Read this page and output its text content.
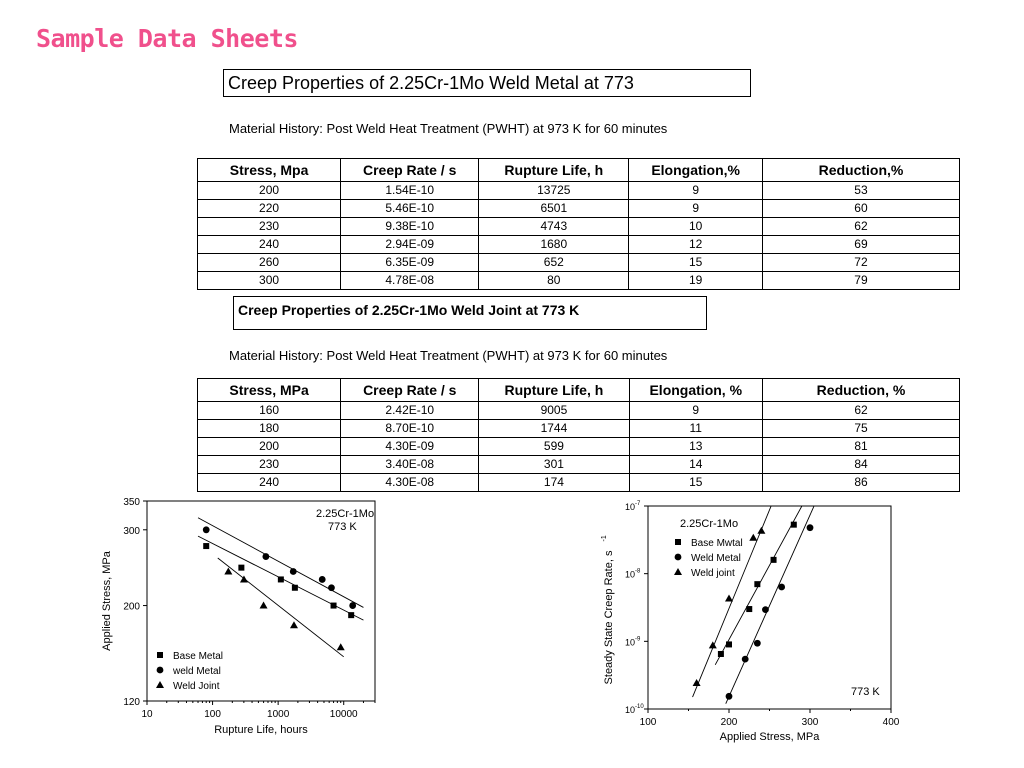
Sample Data Sheets
Creep Properties of 2.25Cr-1Mo Weld Metal at 773
Material History: Post Weld Heat Treatment (PWHT) at 973 K for 60 minutes
Stress, Mpa	Creep Rate / s	Rupture Life, h	Elongation,%	Reduction,%
200	1.54E-10	13725	9	53
220	5.46E-10	6501	9	60
230	9.38E-10	4743	10	62
240	2.94E-09	1680	12	69
260	6.35E-09	652	15	72
300	4.78E-08	80	19	79
Creep Properties of 2.25Cr-1Mo Weld Joint at 773 K
Material History: Post Weld Heat Treatment (PWHT) at 973 K for 60 minutes
Stress, MPa	Creep Rate / s	Rupture Life, h	Elongation, %	Reduction, %
160	2.42E-10	9005	9	62
180	8.70E-10	1744	11	75
200	4.30E-09	599	13	81
230	3.40E-08	301	14	84
240	4.30E-08	174	15	86
10	100	1000	10000
120
200
300
350
Rupture Life, hours
Applied Stress, MPa
2.25Cr-1Mo
773 K
Base Metal
weld Metal
Weld Joint
100	200	300	400
10 -10
10 -9
10 -8
10 -7
Applied Stress, MPa
Steady State Creep Rate, s
-1
2.25Cr-1Mo
773 K
Base Mwtal
Weld Metal
Weld joint
